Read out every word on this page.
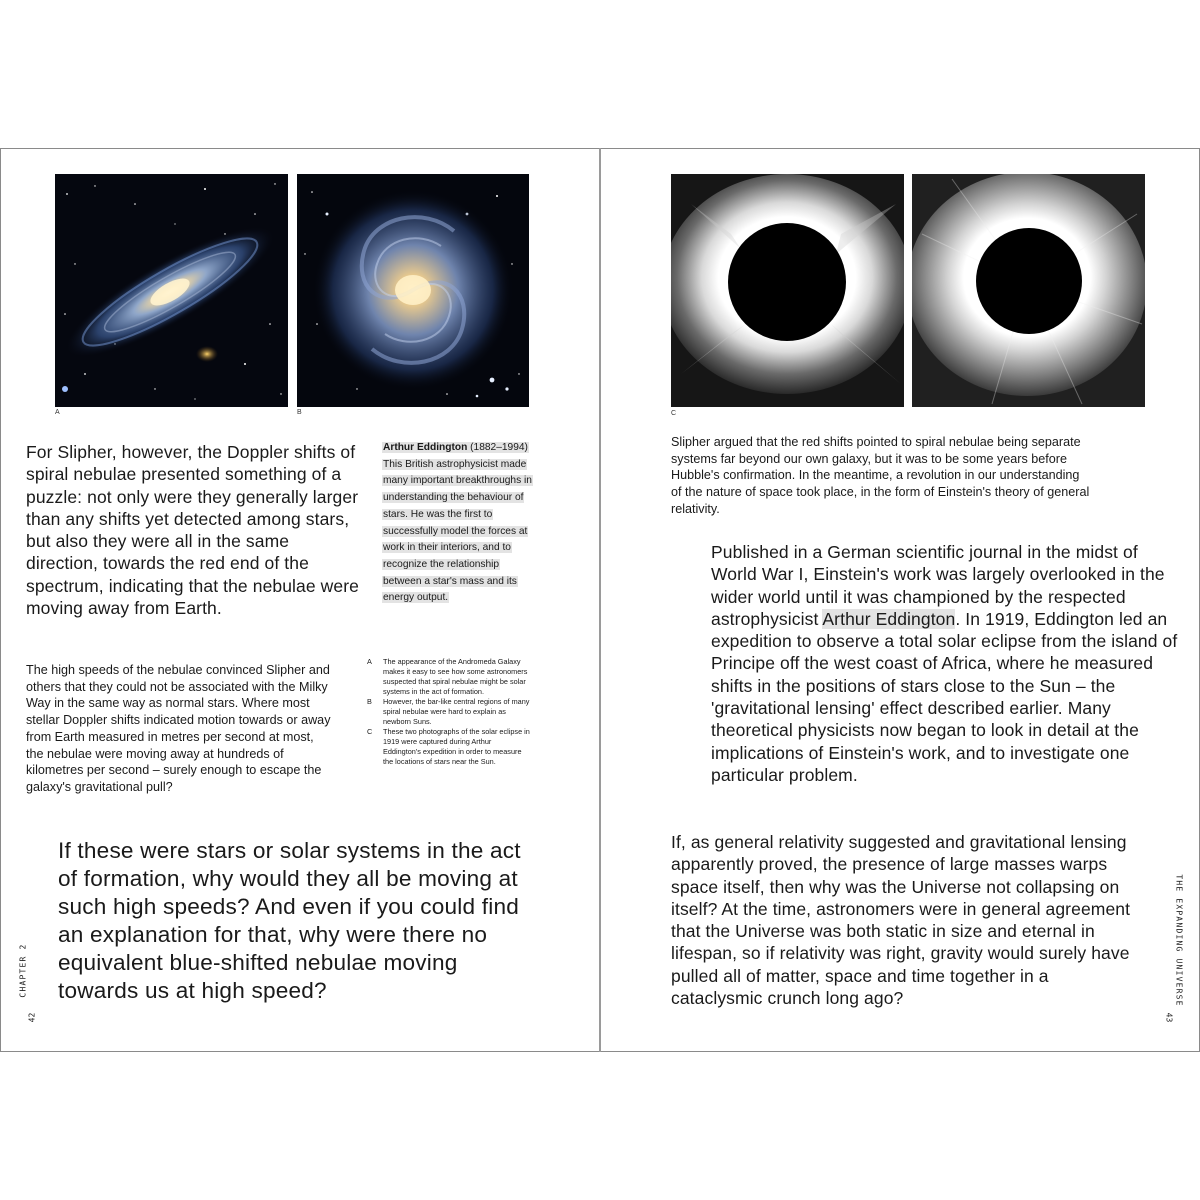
A	B
For Slipher, however, the Doppler shifts of spiral nebulae presented something of a puzzle: not only were they generally larger than any shifts yet detected among stars, but also they were all in the same direction, towards the red end of the spectrum, indicating that the nebulae were moving away from Earth.
The high speeds of the nebulae convinced Slipher and others that they could not be associated with the Milky Way in the same way as normal stars. Where most stellar Doppler shifts indicated motion towards or away from Earth measured in metres per second at most, the nebulae were moving away at hundreds of kilometres per second – surely enough to escape the galaxy's gravitational pull?
Arthur Eddington (1882–1994) This British astrophysicist made many important breakthroughs in understanding the behaviour of stars. He was the first to successfully model the forces at work in their interiors, and to recognize the relationship between a star's mass and its energy output.
A	The appearance of the Andromeda Galaxy makes it easy to see how some astronomers suspected that spiral nebulae might be solar systems in the act of formation.
B	However, the bar-like central regions of many spiral nebulae were hard to explain as newborn Suns.
C	These two photographs of the solar eclipse in 1919 were captured during Arthur Eddington's expedition in order to measure the locations of stars near the Sun.
If these were stars or solar systems in the act of formation, why would they all be moving at such high speeds? And even if you could find an explanation for that, why were there no equivalent blue-shifted nebulae moving towards us at high speed?
CHAPTER 2
42
C
Slipher argued that the red shifts pointed to spiral nebulae being separate systems far beyond our own galaxy, but it was to be some years before Hubble's confirmation. In the meantime, a revolution in our understanding of the nature of space took place, in the form of Einstein's theory of general relativity.
Published in a German scientific journal in the midst of World War I, Einstein's work was largely overlooked in the wider world until it was championed by the respected astrophysicist Arthur Eddington. In 1919, Eddington led an expedition to observe a total solar eclipse from the island of Principe off the west coast of Africa, where he measured shifts in the positions of stars close to the Sun – the 'gravitational lensing' effect described earlier. Many theoretical physicists now began to look in detail at the implications of Einstein's work, and to investigate one particular problem.
If, as general relativity suggested and gravitational lensing apparently proved, the presence of large masses warps space itself, then why was the Universe not collapsing on itself? At the time, astronomers were in general agreement that the Universe was both static in size and eternal in lifespan, so if relativity was right, gravity would surely have pulled all of matter, space and time together in a cataclysmic crunch long ago?	THE EXPANDING UNIVERSE
43
